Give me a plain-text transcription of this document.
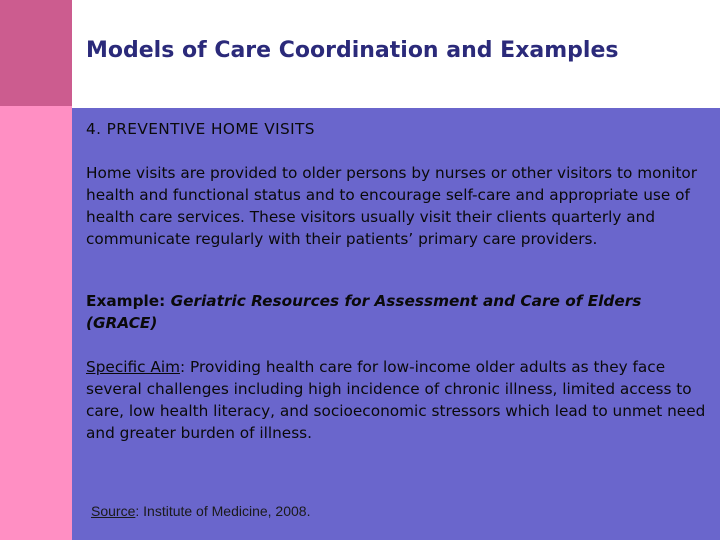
Models of Care Coordination and Examples

4. PREVENTIVE HOME VISITS

Home visits are provided to older persons by nurses or other visitors to monitor health and functional status and to encourage self-care and appropriate use of health care services. These visitors usually visit their clients quarterly and communicate regularly with their patients’ primary care providers.

Example: Geriatric Resources for Assessment and Care of Elders (GRACE)

Specific Aim: Providing health care for low-income older adults as they face several challenges including high incidence of chronic illness, limited access to care, low health literacy, and socioeconomic stressors which lead to unmet need and greater burden of illness.

Source: Institute of Medicine, 2008.
